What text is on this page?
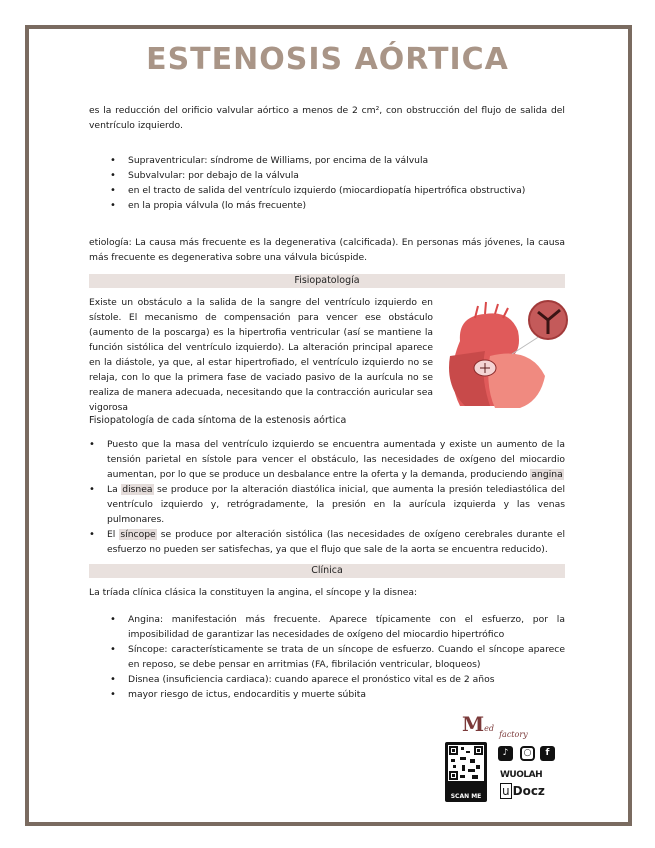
ESTENOSIS AÓRTICA

es la reducción del orificio valvular aórtico a menos de 2 cm², con obstrucción del flujo de salida del ventrículo izquierdo.

• Supraventricular: síndrome de Williams, por encima de la válvula
• Subvalvular: por debajo de la válvula
• en el tracto de salida del ventrículo izquierdo (miocardiopatía hipertrófica obstructiva)
• en la propia válvula (lo más frecuente)

etiología: La causa más frecuente es la degenerativa (calcificada). En personas más jóvenes, la causa más frecuente es degenerativa sobre una válvula bicúspide.

Fisiopatología

Existe un obstáculo a la salida de la sangre del ventrículo izquierdo en sístole. El mecanismo de compensación para vencer ese obstáculo (aumento de la poscarga) es la hipertrofia ventricular (así se mantiene la función sistólica del ventrículo izquierdo). La alteración principal aparece en la diástole, ya que, al estar hipertrofiado, el ventrículo izquierdo no se relaja, con lo que la primera fase de vaciado pasivo de la aurícula no se realiza de manera adecuada, necesitando que la contracción auricular sea vigorosa

Fisiopatología de cada síntoma de la estenosis aórtica
• Puesto que la masa del ventrículo izquierdo se encuentra aumentada y existe un aumento de la tensión parietal en sístole para vencer el obstáculo, las necesidades de oxígeno del miocardio aumentan, por lo que se produce un desbalance entre la oferta y la demanda, produciendo angina
• La disnea se produce por la alteración diastólica inicial, que aumenta la presión telediastólica del ventrículo izquierdo y, retrógradamente, la presión en la aurícula izquierda y las venas pulmonares.
• El síncope se produce por alteración sistólica (las necesidades de oxígeno cerebrales durante el esfuerzo no pueden ser satisfechas, ya que el flujo que sale de la aorta se encuentra reducido).
Clínica

La tríada clínica clásica la constituyen la angina, el síncope y la disnea:

• Angina: manifestación más frecuente. Aparece típicamente con el esfuerzo, por la imposibilidad de garantizar las necesidades de oxígeno del miocardio hipertrófico
• Síncope: característicamente se trata de un síncope de esfuerzo. Cuando el síncope aparece en reposo, se debe pensar en arritmias (FA, fibrilación ventricular, bloqueos)
• Disnea (insuficiencia cardiaca): cuando aparece el pronóstico vital es de 2 años
• mayor riesgo de ictus, endocarditis y muerte súbita
Med $_{factory}$
SCAN ME
♪	○	f
WUOLAH
u Docz
